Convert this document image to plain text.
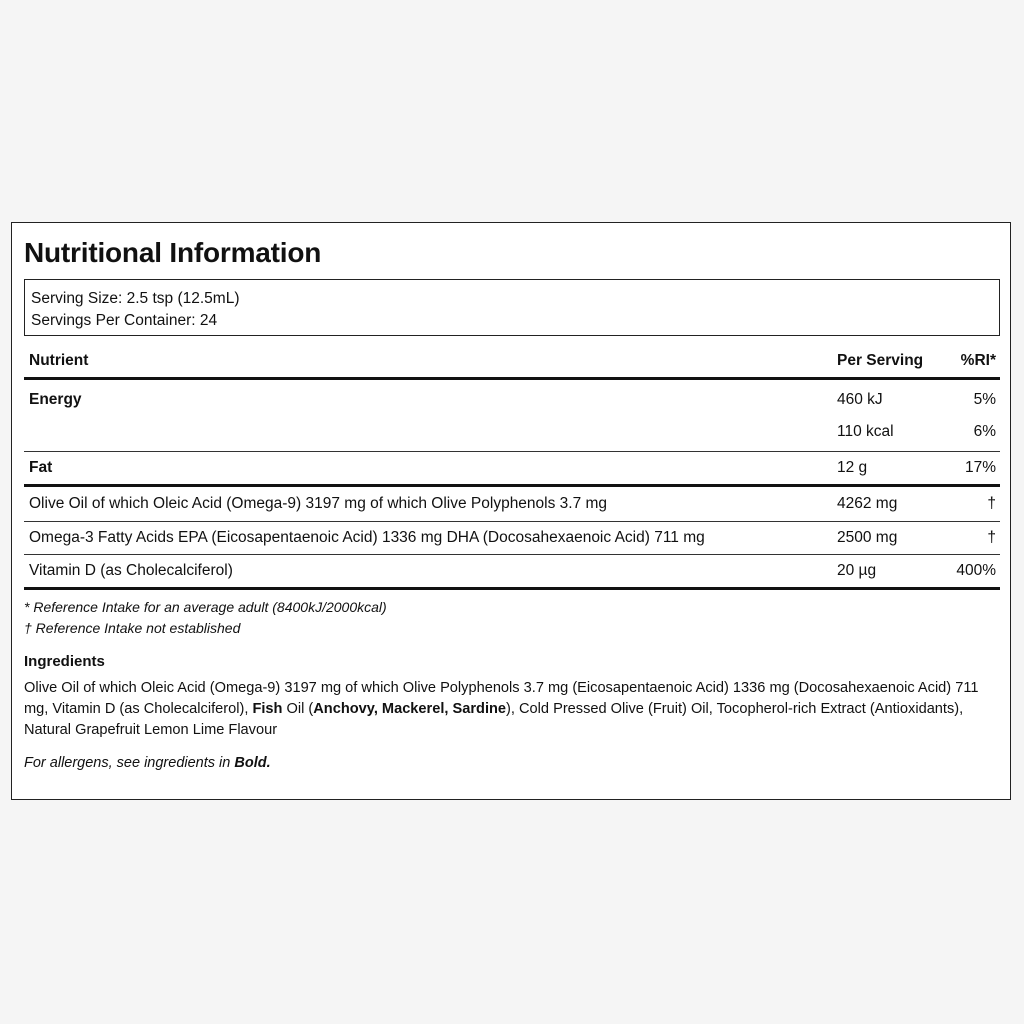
Nutritional Information
Serving Size: 2.5 tsp (12.5mL)
Servings Per Container: 24
Nutrient	Per Serving %RI*
Energy	460 kJ	5%
110 kcal	6%
Fat	12 g	17%
Olive Oil of which Oleic Acid (Omega-9) 3197 mg of which Olive Polyphenols 3.7 mg	4262 mg	†
Omega-3 Fatty Acids EPA (Eicosapentaenoic Acid) 1336 mg DHA (Docosahexaenoic Acid) 711 mg	2500 mg	†
Vitamin D (as Cholecalciferol)	20 µg	400%
* Reference Intake for an average adult (8400kJ/2000kcal)
† Reference Intake not established
Ingredients
Olive Oil of which Oleic Acid (Omega-9) 3197 mg of which Olive Polyphenols 3.7 mg (Eicosapentaenoic Acid) 1336 mg (Docosahexaenoic Acid) 711 mg, Vitamin D (as Cholecalciferol), Fish Oil (Anchovy, Mackerel, Sardine), Cold Pressed Olive (Fruit) Oil, Tocopherol-rich Extract (Antioxidants), Natural Grapefruit Lemon Lime Flavour
For allergens, see ingredients in Bold.
